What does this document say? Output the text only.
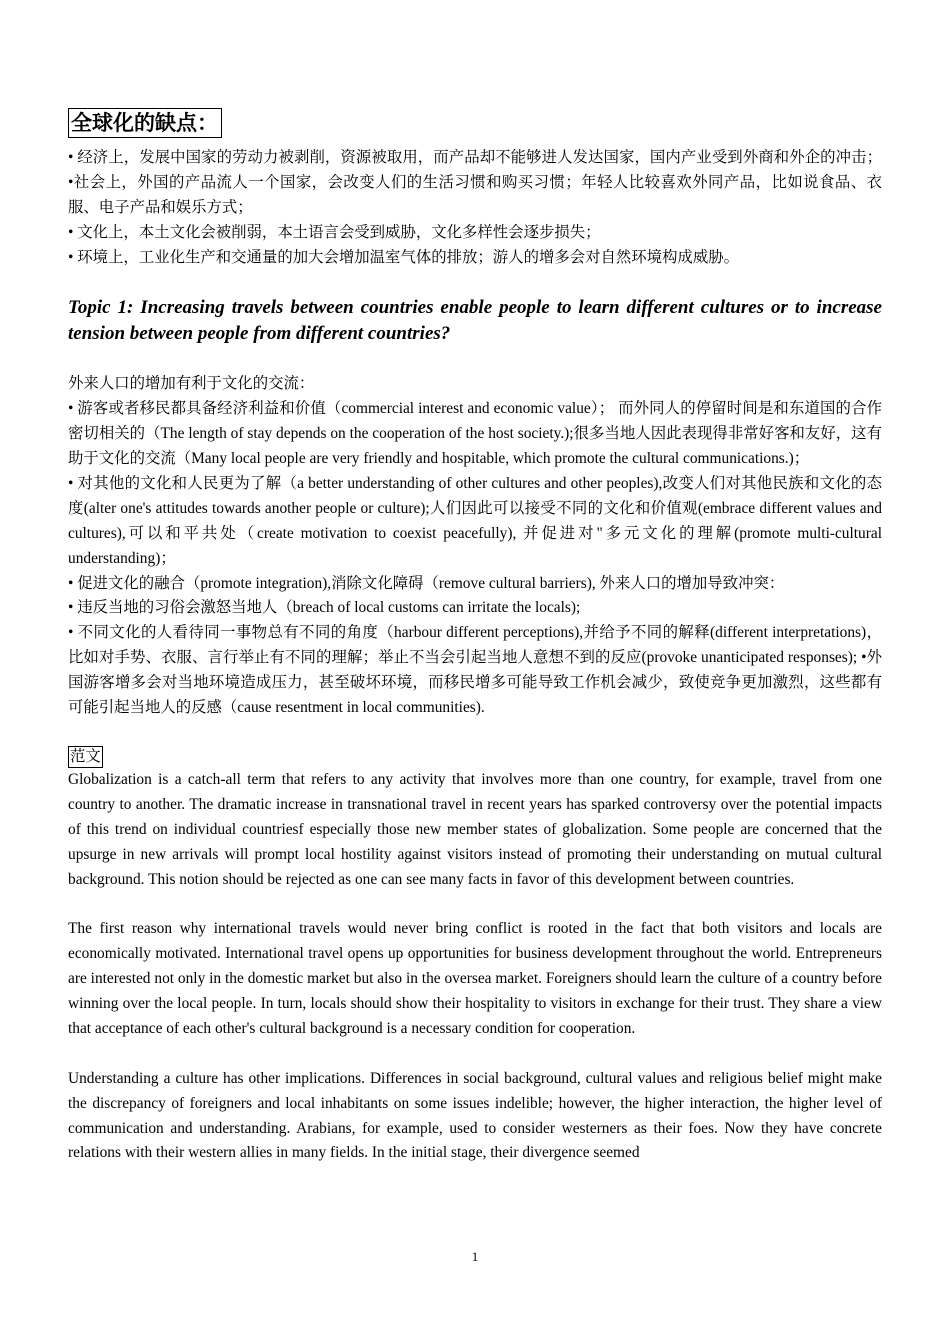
全球化的缺点：

• 经济上，发展中国家的劳动力被剥削，资源被取用，而产品却不能够进人发达国家，国内产业受到外商和外企的冲击；•社会上，外国的产品流人一个国家，会改变人们的生活习惯和购买习惯；年轻人比较喜欢外同产品，比如说食品、衣服、电子产品和娱乐方式；

• 文化上，本土文化会被削弱，本土语言会受到威胁，文化多样性会逐步损失；

• 环境上，工业化生产和交通量的加大会增加温室气体的排放；游人的增多会对自然环境构成威胁。

Topic 1: Increasing travels between countries enable people to learn different cultures or to increase tension between people from different countries?

外来人口的增加有利于文化的交流：

• 游客或者移民都具备经济利益和价值（commercial interest and economic value）； 而外同人的停留时间是和东道国的合作密切相关的（The length of stay depends on the cooperation of the host society.);很多当地人因此表现得非常好客和友好，这有助于文化的交流（Many local people are very friendly and hospitable, which promote the cultural communications.)；

• 对其他的文化和人民更为了解（a better understanding of other cultures and other peoples),改变人们对其他民族和文化的态度(alter one's attitudes towards another people or culture);人们因此可以接受不同的文化和价值观(embrace different values and cultures),可以和平共处（create motivation to coexist peacefully), 并促进对"多元文化的理解(promote multi-cultural understanding)；

• 促进文化的融合（promote integration),消除文化障碍（remove cultural barriers), 外来人口的增加导致冲突：

• 违反当地的习俗会激怒当地人（breach of local customs can irritate the locals);

• 不同文化的人看待同一事物总有不同的角度（harbour different perceptions),并给予不同的解释(different interpretations)，比如对手势、衣服、言行举止有不同的理解；举止不当会引起当地人意想不到的反应(provoke unanticipated responses); •外国游客增多会对当地环境造成压力，甚至破坏环境，而移民增多可能导致工作机会减少，致使竞争更加激烈，这些都有可能引起当地人的反感（cause resentment in local communities).

范文

Globalization is a catch-all term that refers to any activity that involves more than one country, for example, travel from one country to another. The dramatic increase in transnational travel in recent years has sparked controversy over the potential impacts of this trend on individual countriesf especially those new member states of globalization. Some people are concerned that the upsurge in new arrivals will prompt local hostility against visitors instead of promoting their understanding on mutual cultural background. This notion should be rejected as one can see many facts in favor of this development between countries.

The first reason why international travels would never bring conflict is rooted in the fact that both visitors and locals are economically motivated. International travel opens up opportunities for business development throughout the world. Entrepreneurs are interested not only in the domestic market but also in the oversea market. Foreigners should learn the culture of a country before winning over the local people. In turn, locals should show their hospitality to visitors in exchange for their trust. They share a view that acceptance of each other's cultural background is a necessary condition for cooperation.

Understanding a culture has other implications. Differences in social background, cultural values and religious belief might make the discrepancy of foreigners and local inhabitants on some issues indelible; however, the higher interaction, the higher level of communication and understanding. Arabians, for example, used to consider westerners as their foes. Now they have concrete relations with their western allies in many fields. In the initial stage, their divergence seemed

1
